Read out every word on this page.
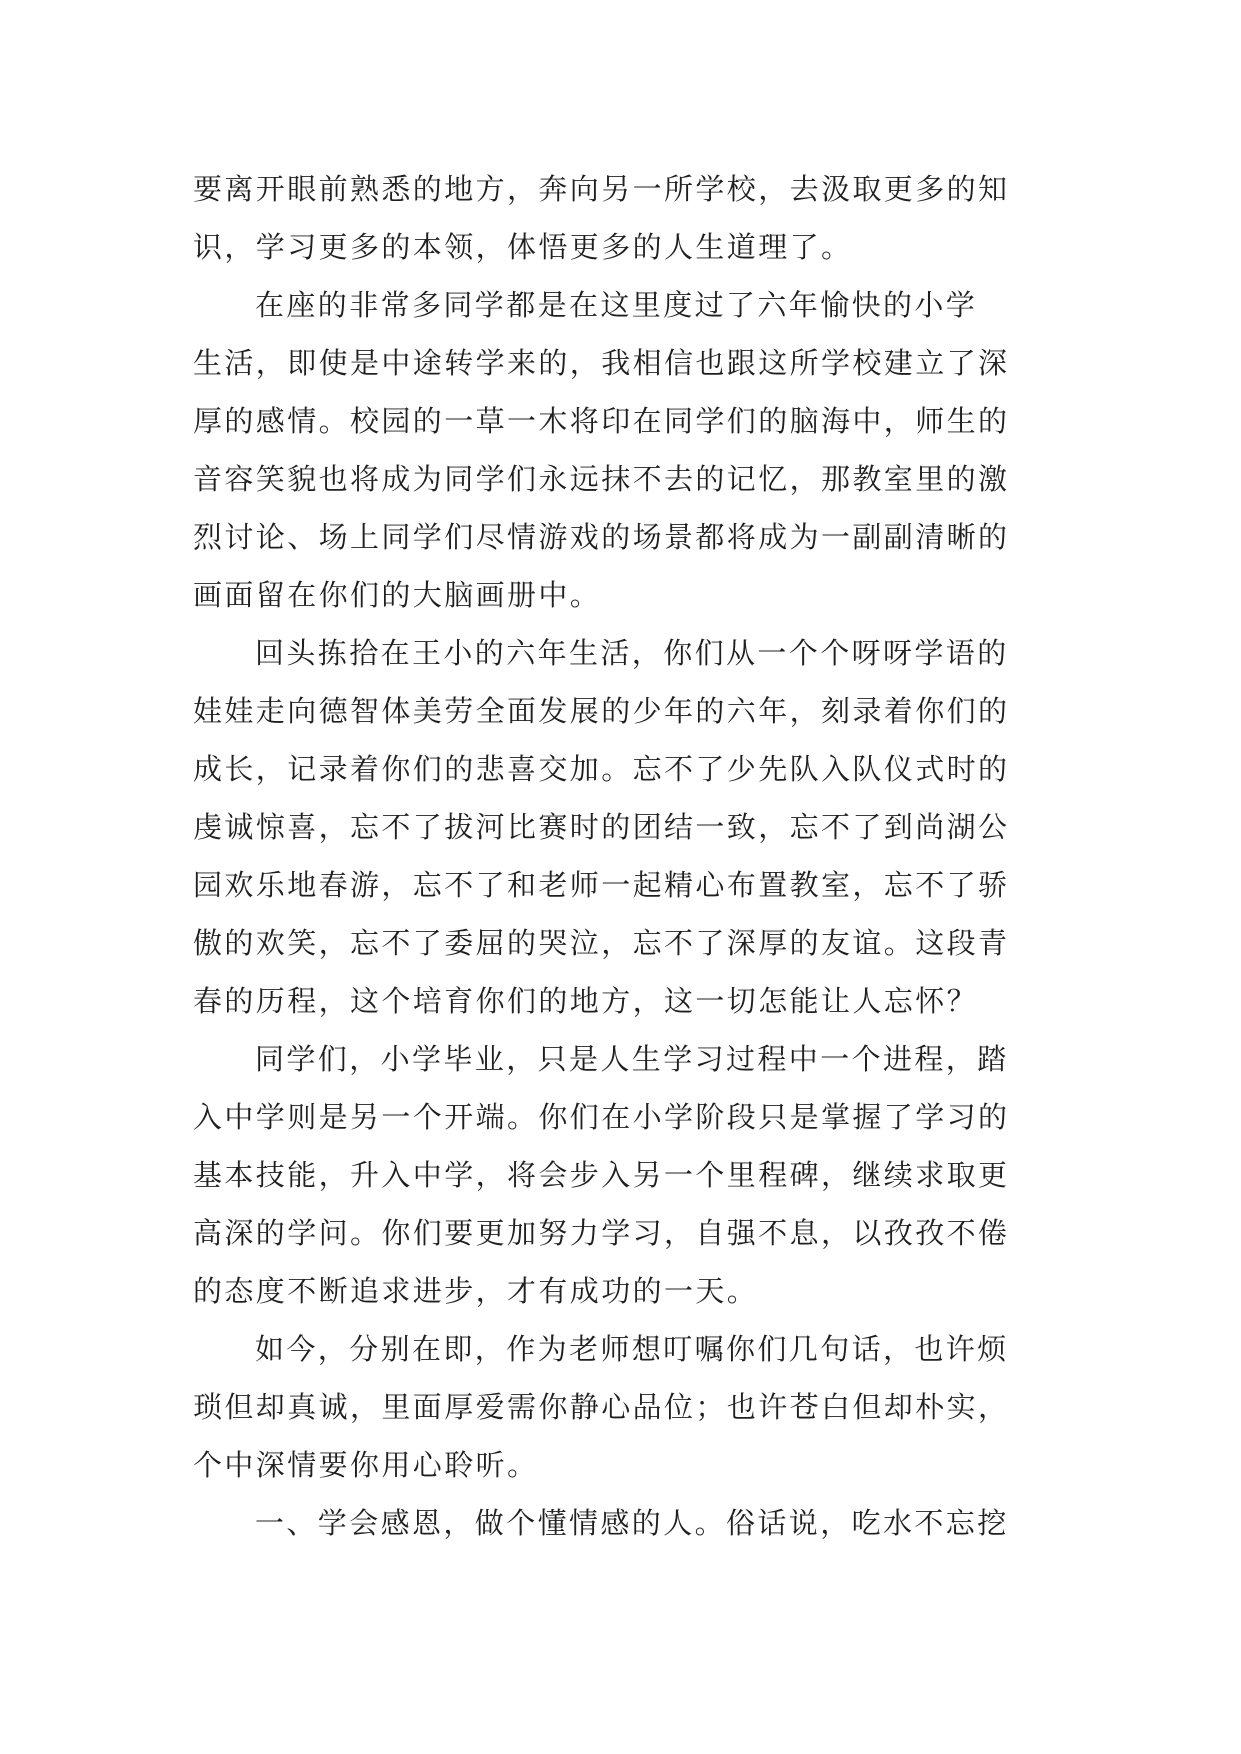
要离开眼前熟悉的地方，奔向另一所学校，去汲取更多的知
识，学习更多的本领，体悟更多的人生道理了。
在座的非常多同学都是在这里度过了六年愉快的小学
生活，即使是中途转学来的，我相信也跟这所学校建立了深
厚的感情。校园的一草一木将印在同学们的脑海中，师生的
音容笑貌也将成为同学们永远抹不去的记忆，那教室里的激
烈讨论、场上同学们尽情游戏的场景都将成为一副副清晰的
画面留在你们的大脑画册中。
回头拣拾在王小的六年生活，你们从一个个呀呀学语的
娃娃走向德智体美劳全面发展的少年的六年，刻录着你们的
成长，记录着你们的悲喜交加。忘不了少先队入队仪式时的
虔诚惊喜，忘不了拔河比赛时的团结一致，忘不了到尚湖公
园欢乐地春游，忘不了和老师一起精心布置教室，忘不了骄
傲的欢笑，忘不了委屈的哭泣，忘不了深厚的友谊。这段青
春的历程，这个培育你们的地方，这一切怎能让人忘怀？
同学们，小学毕业，只是人生学习过程中一个进程，踏
入中学则是另一个开端。你们在小学阶段只是掌握了学习的
基本技能，升入中学，将会步入另一个里程碑，继续求取更
高深的学问。你们要更加努力学习，自强不息，以孜孜不倦
的态度不断追求进步，才有成功的一天。
如今，分别在即，作为老师想叮嘱你们几句话，也许烦
琐但却真诚，里面厚爱需你静心品位；也许苍白但却朴实，
个中深情要你用心聆听。
一、学会感恩，做个懂情感的人。俗话说，吃水不忘挖
